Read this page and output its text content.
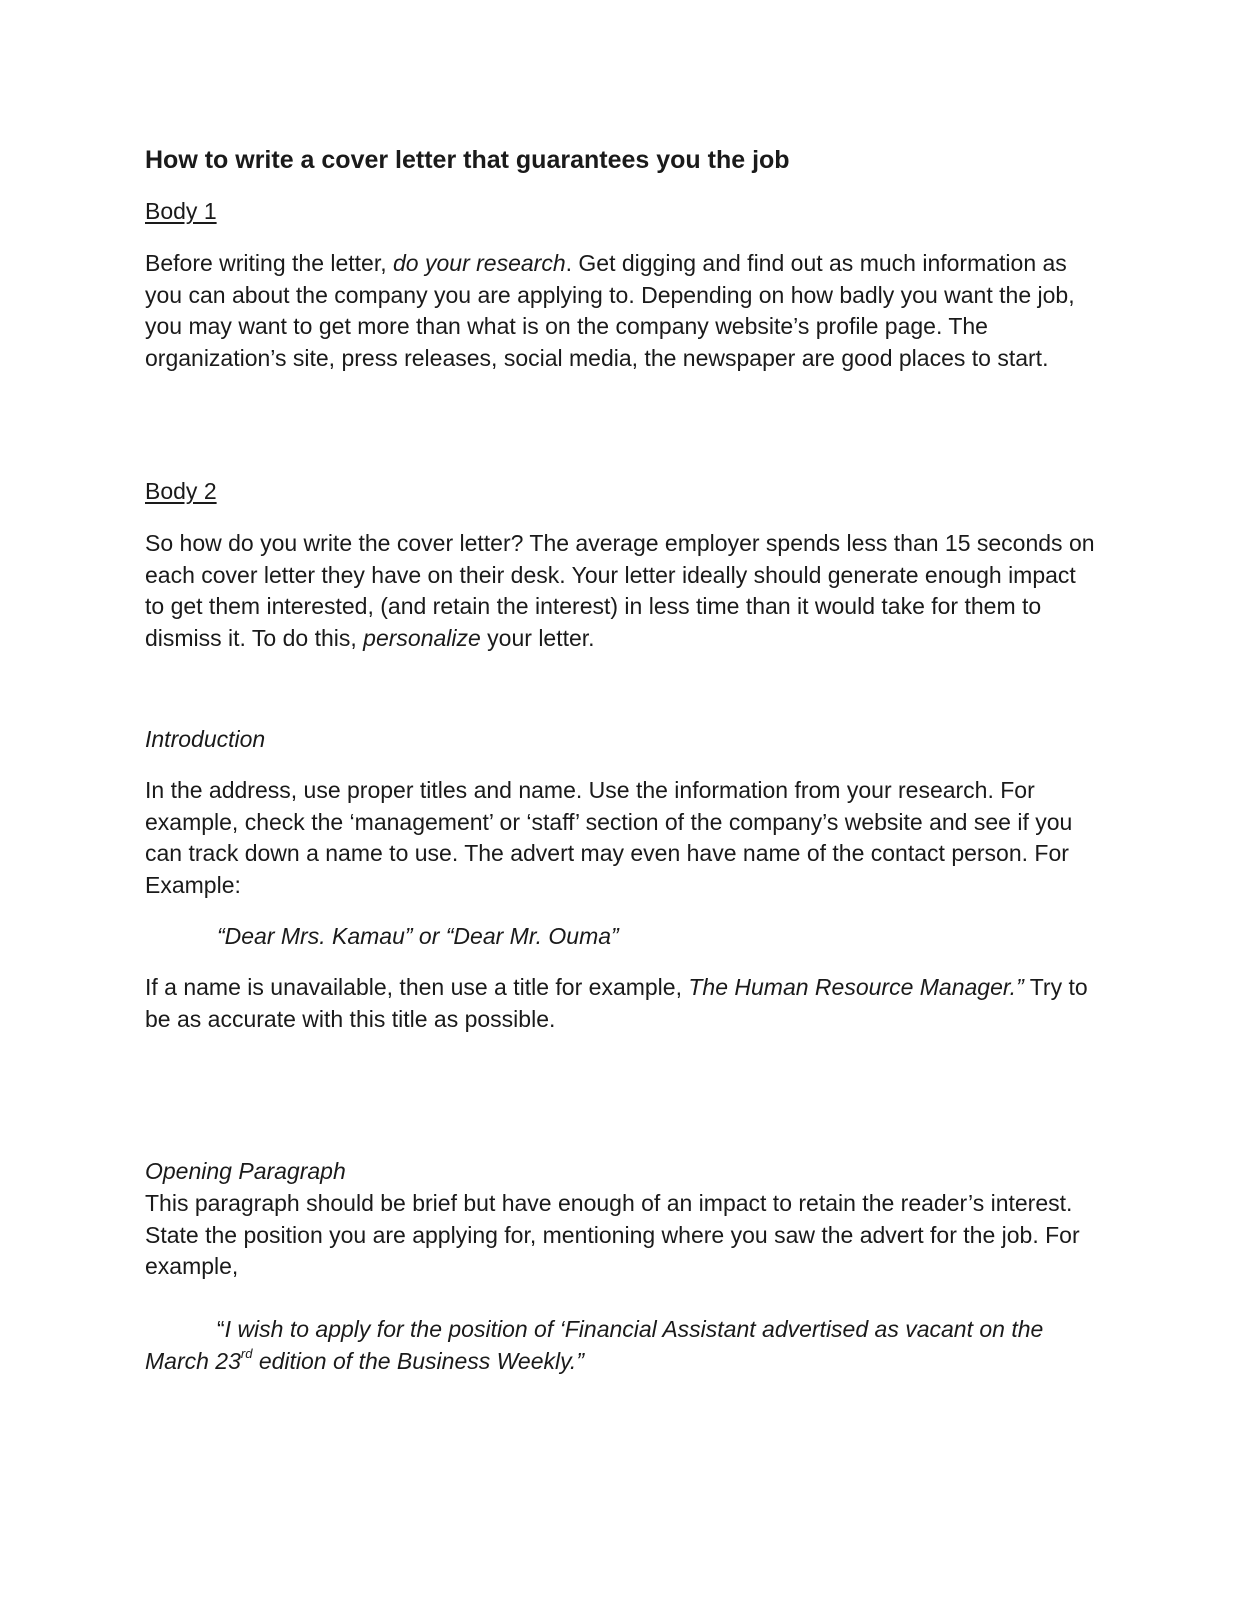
How to write a cover letter that guarantees you the job
Body 1

Before writing the letter, do your research. Get digging and find out as much information as you can about the company you are applying to. Depending on how badly you want the job, you may want to get more than what is on the company website’s profile page. The organization’s site, press releases, social media, the newspaper are good places to start.

Body 2

So how do you write the cover letter? The average employer spends less than 15 seconds on each cover letter they have on their desk. Your letter ideally should generate enough impact to get them interested, (and retain the interest) in less time than it would take for them to dismiss it. To do this, personalize your letter.

Introduction

In the address, use proper titles and name. Use the information from your research. For example, check the ‘management’ or ‘staff’ section of the company’s website and see if you can track down a name to use. The advert may even have name of the contact person. For Example:

“Dear Mrs. Kamau” or “Dear Mr. Ouma”

If a name is unavailable, then use a title for example, The Human Resource Manager.” Try to be as accurate with this title as possible.

Opening Paragraph

This paragraph should be brief but have enough of an impact to retain the reader’s interest. State the position you are applying for, mentioning where you saw the advert for the job. For example,

“I wish to apply for the position of ‘Financial Assistant advertised as vacant on the March 23rd edition of the Business Weekly.”
